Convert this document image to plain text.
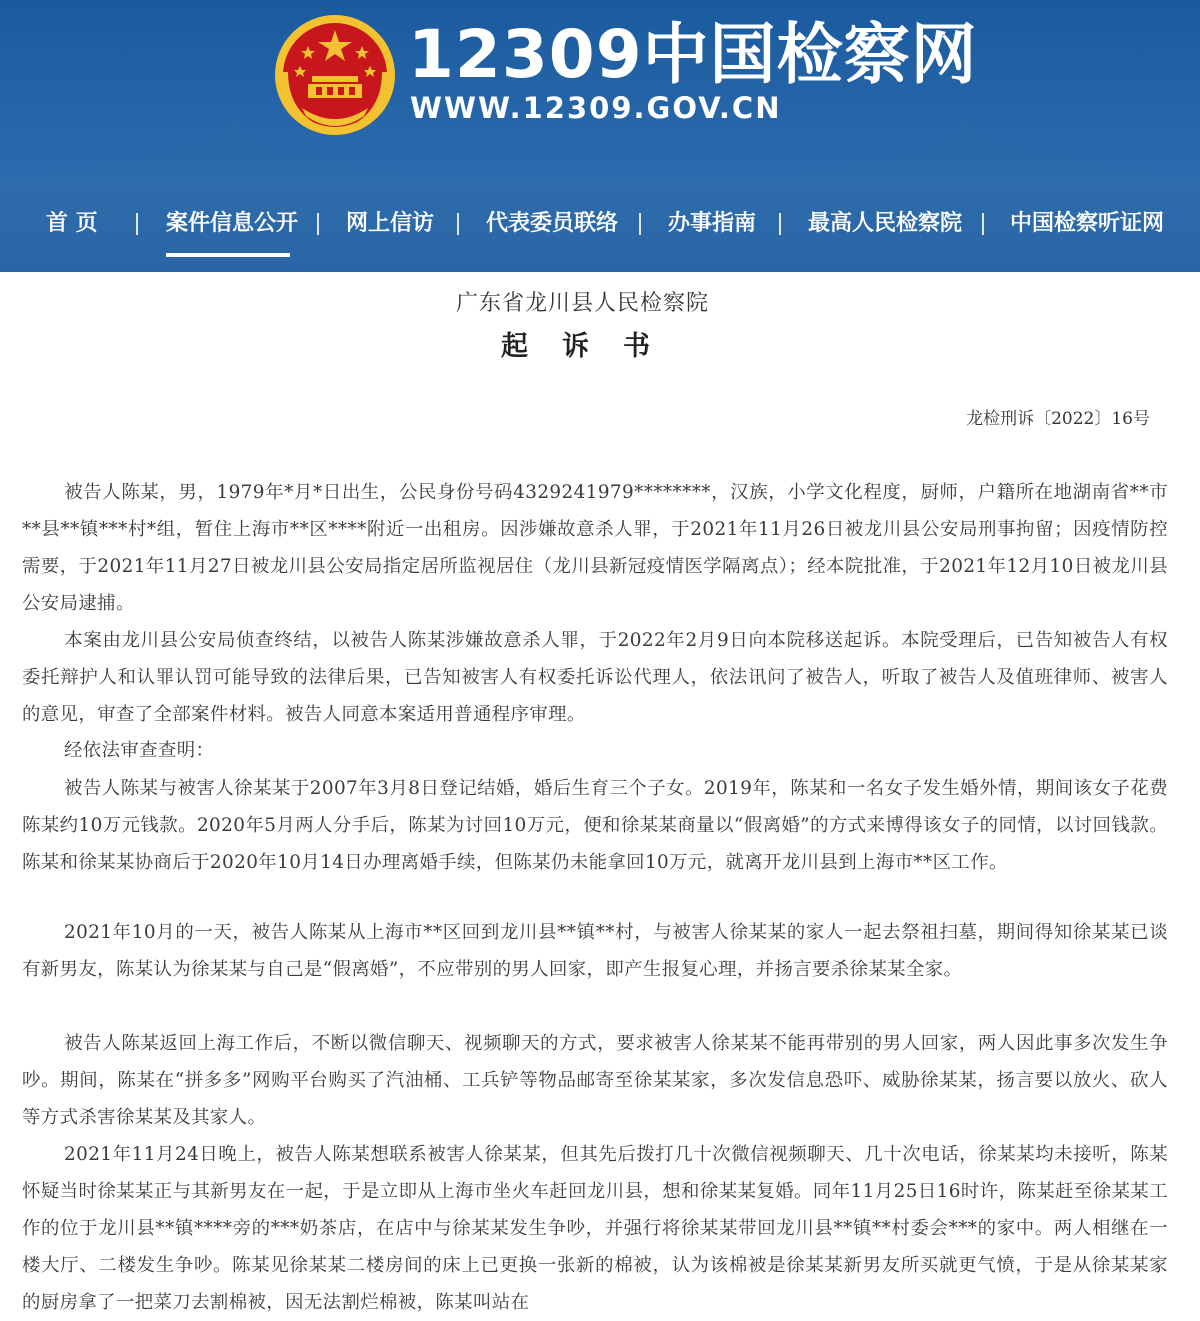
12309中国检察网
WWW.12309.GOV.CN
首 页	案件信息公开 网上信访 代表委员联络 办事指南 最高人民检察院 中国检察听证网
广东省龙川县人民检察院
起诉书
龙检刑诉〔2022〕16号
被告人陈某，男，1979年*月*日出生，公民身份号码4329241979********，汉族，小学文化程度，厨师，户籍所在地湖南省**市**县**镇***村*组，暂住上海市**区****附近一出租房。因涉嫌故意杀人罪，于2021年11月26日被龙川县公安局刑事拘留；因疫情防控需要，于2021年11月27日被龙川县公安局指定居所监视居住（龙川县新冠疫情医学隔离点）；经本院批准，于2021年12月10日被龙川县公安局逮捕。
本案由龙川县公安局侦查终结，以被告人陈某涉嫌故意杀人罪，于2022年2月9日向本院移送起诉。本院受理后，已告知被告人有权委托辩护人和认罪认罚可能导致的法律后果，已告知被害人有权委托诉讼代理人，依法讯问了被告人，听取了被告人及值班律师、被害人的意见，审查了全部案件材料。被告人同意本案适用普通程序审理。
经依法审查查明：
被告人陈某与被害人徐某某于2007年3月8日登记结婚，婚后生育三个子女。2019年，陈某和一名女子发生婚外情，期间该女子花费陈某约10万元钱款。2020年5月两人分手后，陈某为讨回10万元，便和徐某某商量以“假离婚”的方式来博得该女子的同情，以讨回钱款。陈某和徐某某协商后于2020年10月14日办理离婚手续，但陈某仍未能拿回10万元，就离开龙川县到上海市**区工作。
2021年10月的一天，被告人陈某从上海市**区回到龙川县**镇**村，与被害人徐某某的家人一起去祭祖扫墓，期间得知徐某某已谈有新男友，陈某认为徐某某与自己是“假离婚”，不应带别的男人回家，即产生报复心理，并扬言要杀徐某某全家。
被告人陈某返回上海工作后，不断以微信聊天、视频聊天的方式，要求被害人徐某某不能再带别的男人回家，两人因此事多次发生争吵。期间，陈某在“拼多多”网购平台购买了汽油桶、工兵铲等物品邮寄至徐某某家，多次发信息恐吓、威胁徐某某，扬言要以放火、砍人等方式杀害徐某某及其家人。
2021年11月24日晚上，被告人陈某想联系被害人徐某某，但其先后拨打几十次微信视频聊天、几十次电话，徐某某均未接听，陈某怀疑当时徐某某正与其新男友在一起，于是立即从上海市坐火车赶回龙川县，想和徐某某复婚。同年11月25日16时许，陈某赶至徐某某工作的位于龙川县**镇****旁的***奶茶店，在店中与徐某某发生争吵，并强行将徐某某带回龙川县**镇**村委会***的家中。两人相继在一楼大厅、二楼发生争吵。陈某见徐某某二楼房间的床上已更换一张新的棉被，认为该棉被是徐某某新男友所买就更气愤，于是从徐某某家的厨房拿了一把菜刀去割棉被，因无法割烂棉被，陈某叫站在
